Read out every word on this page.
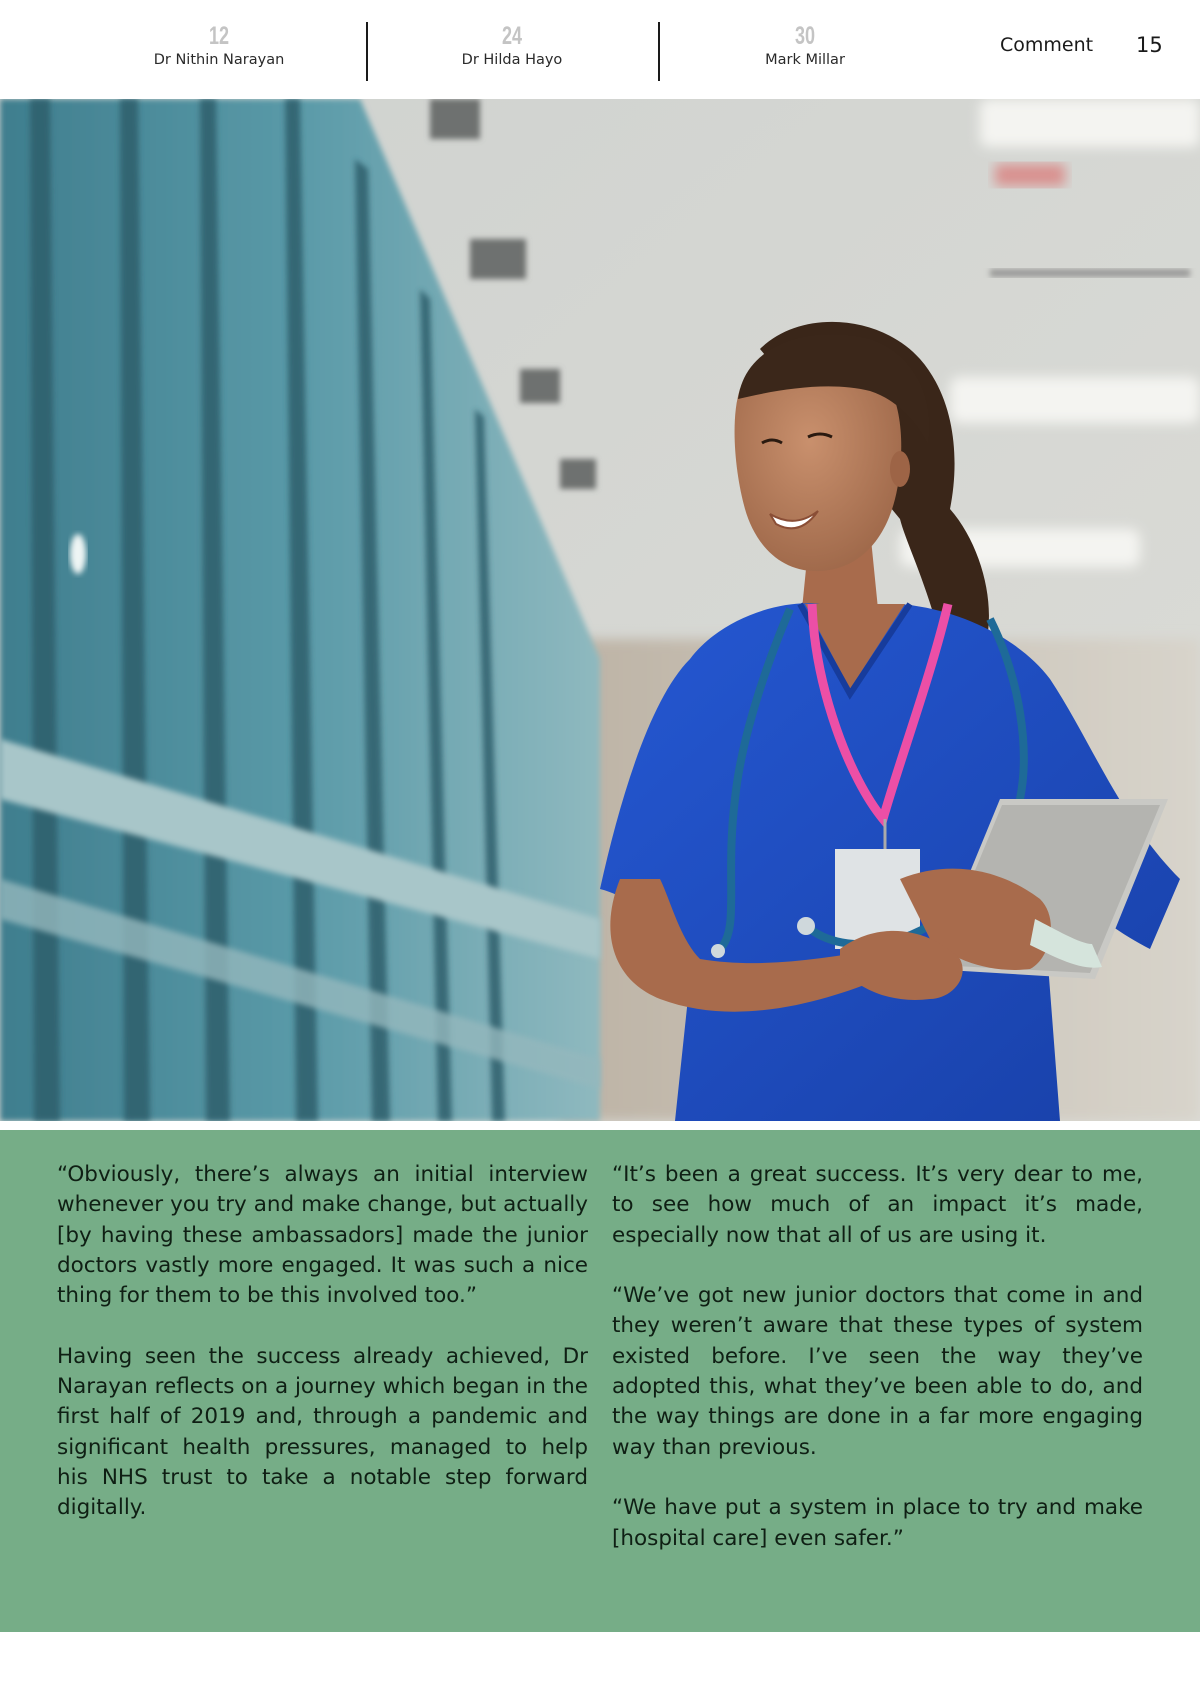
12
Dr Nithin Narayan
24
Dr Hilda Hayo
30
Mark Millar
Comment 15

“Obviously, there’s always an initial interview whenever you try and make change, but actually [by having these ambassadors] made the junior doctors vastly more engaged. It was such a nice thing for them to be this involved too.”

Having seen the success already achieved, Dr Narayan reflects on a journey which began in the first half of 2019 and, through a pandemic and significant health pressures, managed to help his NHS trust to take a notable step forward digitally.

“It’s been a great success. It’s very dear to me, to see how much of an impact it’s made, especially now that all of us are using it.

“We’ve got new junior doctors that come in and they weren’t aware that these types of system existed before. I’ve seen the way they’ve adopted this, what they’ve been able to do, and the way things are done in a far more engaging way than previous.

“We have put a system in place to try and make [hospital care] even safer.”
